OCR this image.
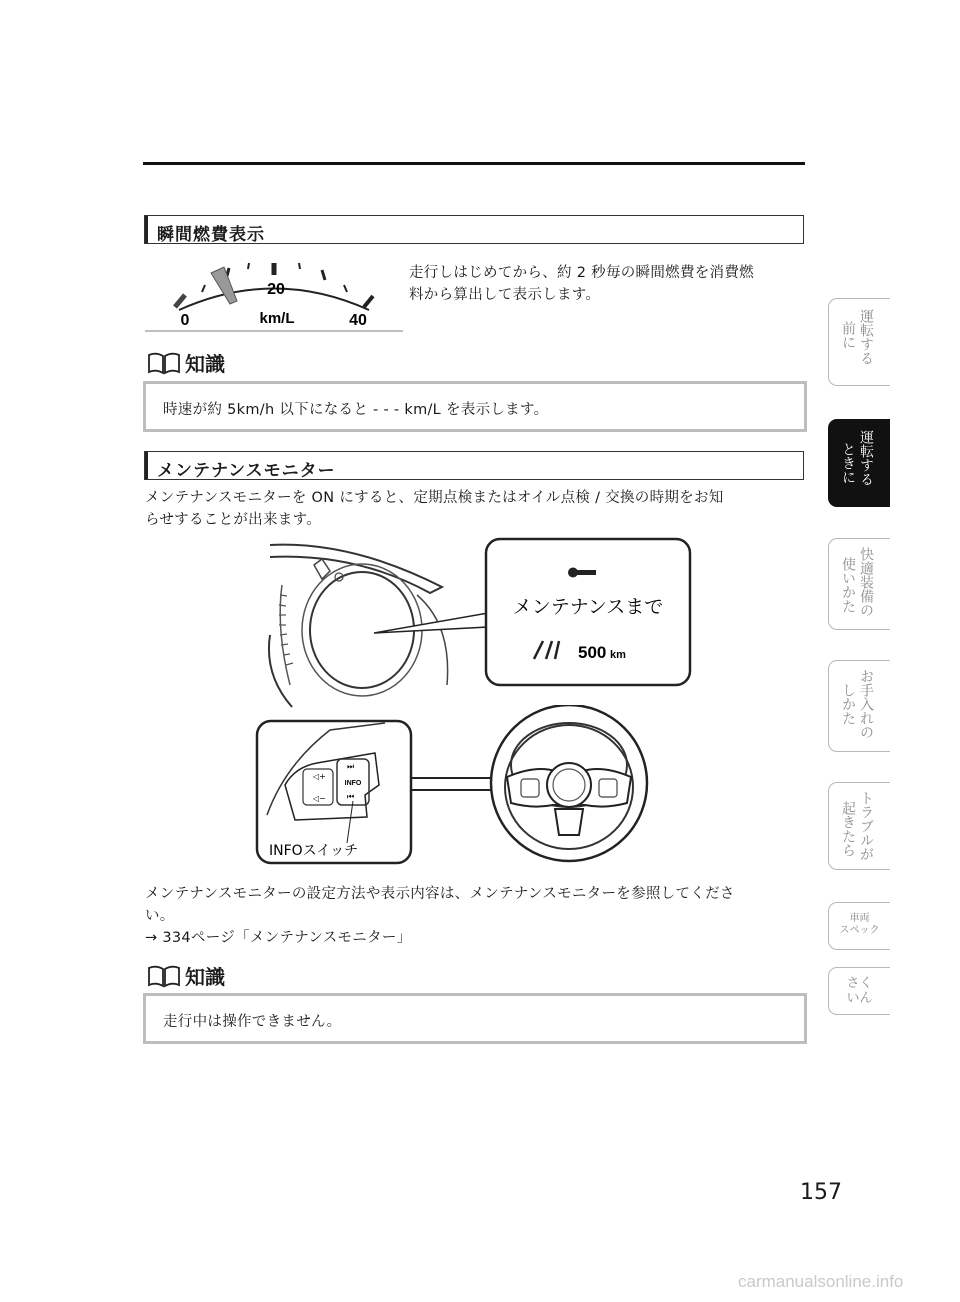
瞬間燃費表示
0
20
40
km/L
走行しはじめてから、約 2 秒毎の瞬間燃費を消費燃
料から算出して表示します。
知識
時速が約 5km/h 以下になると - - - km/L を表示します。
メンテナンスモニター
メンテナンスモニターを ON にすると、定期点検またはオイル点検 / 交換の時期をお知
らせすることが出来ます。
メンテナンスまで
500 km
◁+
◁−
⏭
INFO
⏮
INFOスイッチ
メンテナンスモニターの設定方法や表示内容は、メンテナンスモニターを参照してくださ
い。
→ 334ページ「メンテナンスモニター」
知識
走行中は操作できません。
運転する
前に
運転する
ときに
快適装備の
使いかた
お手入れの
しかた
トラブルが
起きたら
車両
スペック
さく
いん
157
carmanualsonline.info
